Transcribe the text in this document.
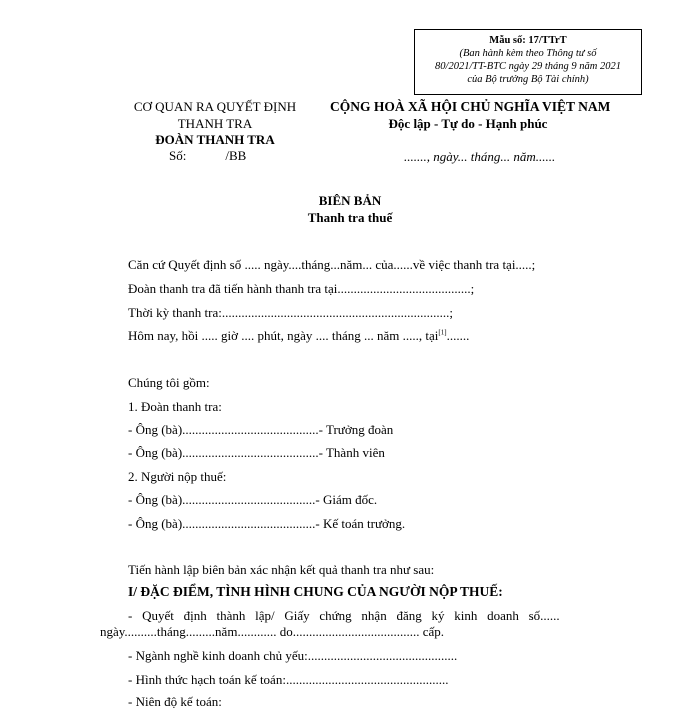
Mẫu số: 17/TTrT
(Ban hành kèm theo Thông tư số
80/2021/TT-BTC ngày 29 tháng 9 năm 2021
của Bộ trưởng Bộ Tài chính)
CƠ QUAN RA QUYẾT ĐỊNH
THANH TRA
ĐOÀN THANH TRA
Số:            /BB
CỘNG HOÀ XÃ HỘI CHỦ NGHĨA VIỆT NAM
Độc lập - Tự do - Hạnh phúc
......., ngày... tháng... năm......
BIÊN BẢN
Thanh tra thuế
Căn cứ Quyết định số ..... ngày....tháng...năm... của......về việc thanh tra tại.....;
Đoàn thanh tra đã tiến hành thanh tra tại.........................................;
Thời kỳ thanh tra:......................................................................;
Hôm nay, hồi ..... giờ .... phút, ngày .... tháng ... năm ....., tại[1].......
Chúng tôi gồm:
1. Đoàn thanh tra:
- Ông (bà)..........................................- Trưởng đoàn
- Ông (bà)..........................................- Thành viên
2. Người nộp thuế:
- Ông (bà).........................................- Giám đốc.
- Ông (bà).........................................- Kế toán trưởng.
Tiến hành lập biên bản xác nhận kết quả thanh tra như sau:
I/ ĐẶC ĐIỂM, TÌNH HÌNH CHUNG CỦA NGƯỜI NỘP THUẾ:
-   Quyết   định   thành   lập/   Giấy   chứng   nhận   đăng   ký   kinh   doanh   số......
ngày..........tháng.........năm............ do....................................... cấp.
- Ngành nghề kinh doanh chủ yếu:..............................................
- Hình thức hạch toán kế toán:..................................................
- Niên độ kế toán:
